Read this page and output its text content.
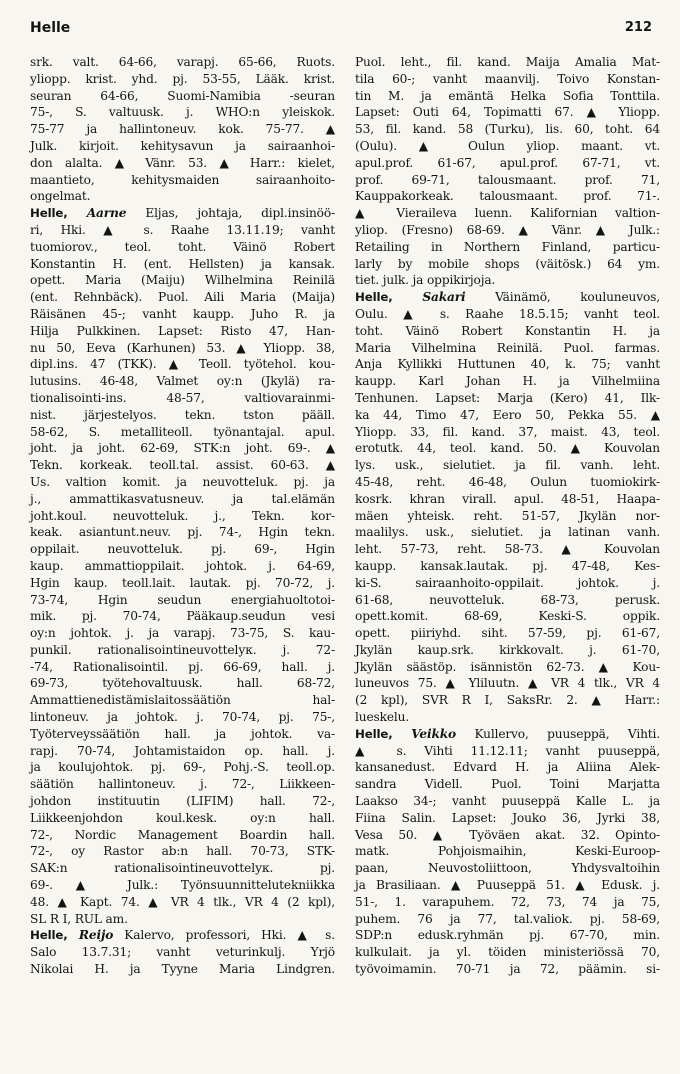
Helle	212
srk. valt. 64-66, varapj. 65-66, Ruots.
yliopp. krist. yhd. pj. 53-55, Lääk. krist.
seuran 64-66, Suomi-Namibia -seuran
75-, S. valtuusk. j. WHO:n yleiskok.
75-77 ja hallintoneuv. kok. 75-77. ▲
Julk. kirjoit. kehitysavun ja sairaanhoi-
don alalta. ▲ Vänr. 53. ▲ Harr.: kielet,
maantieto, kehitysmaiden sairaanhoito-
ongelmat.
Helle, Aarne Eljas, johtaja, dipl.insinöö-
ri, Hki. ▲ s. Raahe 13.11.19; vanht
tuomiorov., teol. toht. Väinö Robert
Konstantin H. (ent. Hellsten) ja kansak.
opett. Maria (Maiju) Wilhelmina Reinilä
(ent. Rehnbäck). Puol. Aili Maria (Maija)
Räisänen 45-; vanht kaupp. Juho R. ja
Hilja Pulkkinen. Lapset: Risto 47, Han-
nu 50, Eeva (Karhunen) 53. ▲ Yliopp. 38,
dipl.ins. 47 (TKK). ▲ Teoll. työtehol. kou-
lutusins. 46-48, Valmet oy:n (Jkylä) ra-
tionalisointi-ins. 48-57, valtiovarainmi-
nist. järjestelyos. tekn. tston pääll.
58-62, S. metalliteoll. työnantajal. apul.
joht. ja joht. 62-69, STK:n joht. 69-. ▲
Tekn. korkeak. teoll.tal. assist. 60-63. ▲
Us. valtion komit. ja neuvotteluk. pj. ja
j., ammattikasvatusneuv. ja tal.elämän
joht.koul. neuvotteluk. j., Tekn. kor-
keak. asiantunt.neuv. pj. 74-, Hgin tekn.
oppilait. neuvotteluk. pj. 69-, Hgin
kaup. ammattioppilait. johtok. j. 64-69,
Hgin kaup. teoll.lait. lautak. pj. 70-72, j.
73-74, Hgin seudun energiahuoltotoi-
mik. pj. 70-74, Pääkaup.seudun vesi
oy:n johtok. j. ja varapj. 73-75, S. kau-
punkil. rationalisointineuvottelук. j. 72-
-74, Rationalisointil. pj. 66-69, hall. j.
69-73, työtehovaltuusk. hall. 68-72,
Ammattienedistämislaitossäätiön hal-
lintoneuv. ja johtok. j. 70-74, pj. 75-,
Työterveyssäätiön hall. ja johtok. va-
rapj. 70-74, Johtamistaidon op. hall. j.
ja koulujohtok. pj. 69-, Pohj.-S. teoll.op.
säätiön hallintoneuv. j. 72-, Liikkeen-
johdon instituutin (LIFIM) hall. 72-,
Liikkeenjohdon koul.kesk. oy:n hall.
72-, Nordic Management Boardin hall.
72-, oy Rastor ab:n hall. 70-73, STK-
SAK:n rationalisointineuvottelук. pj.
69-. ▲ Julk.: Työnsuunnittelutekniikka
48. ▲ Kapt. 74. ▲ VR 4 tlk., VR 4 (2 kpl),
SL R I, RUL am.
Helle, Reijo Kalervo, professori, Hki. ▲ s.
Salo 13.7.31; vanht veturinkulj. Yrjö
Nikolai H. ja Tyyne Maria Lindgren.
Puol. leht., fil. kand. Maija Amalia Mat-
tila 60-; vanht maanvilj. Toivo Konstan-
tin M. ja emäntä Helka Sofia Tonttila.
Lapset: Outi 64, Topimatti 67. ▲ Yliopp.
53, fil. kand. 58 (Turku), lis. 60, toht. 64
(Oulu). ▲ Oulun yliop. maant. vt.
apul.prof. 61-67, apul.prof. 67-71, vt.
prof. 69-71, talousmaant. prof. 71,
Kauppakorkeak. talousmaant. prof. 71-.
▲ Vieraileva luenn. Kalifornian valtion-
yliop. (Fresno) 68-69. ▲ Vänr. ▲ Julk.:
Retailing in Northern Finland, particu-
larly by mobile shops (väitösk.) 64 ym.
tiet. julk. ja oppikirjoja.
Helle, Sakari Väinämö, kouluneuvos,
Oulu. ▲ s. Raahe 18.5.15; vanht teol.
toht. Väinö Robert Konstantin H. ja
Maria Vilhelmina Reinilä. Puol. farmas.
Anja Kyllikki Huttunen 40, k. 75; vanht
kaupp. Karl Johan H. ja Vilhelmiina
Tenhunen. Lapset: Marja (Kero) 41, Ilk-
ka 44, Timo 47, Eero 50, Pekka 55. ▲
Yliopp. 33, fil. kand. 37, maist. 43, teol.
erotutk. 44, teol. kand. 50. ▲ Kouvolan
lys. usk., sielutiet. ja fil. vanh. leht.
45-48, reht. 46-48, Oulun tuomiokirk-
kosrk. khran virall. apul. 48-51, Haapa-
mäen yhteisk. reht. 51-57, Jkylän nor-
maalilys. usk., sielutiet. ja latinan vanh.
leht. 57-73, reht. 58-73. ▲ Kouvolan
kaupp. kansak.lautak. pj. 47-48, Kes-
ki-S. sairaanhoito-oppilait. johtok. j.
61-68, neuvotteluk. 68-73, perusk.
opett.komit. 68-69, Keski-S. oppik.
opett. piiriyhd. siht. 57-59, pj. 61-67,
Jkylän kaup.srk. kirkkovalt. j. 61-70,
Jkylän säästöp. isännistön 62-73. ▲ Kou-
luneuvos 75. ▲ Yliluutn. ▲ VR 4 tlk., VR 4
(2 kpl), SVR R I, SaksRr. 2. ▲ Harr.:
lueskelu.
Helle, Veikko Kullervo, puuseppä, Vihti.
▲ s. Vihti 11.12.11; vanht puuseppä,
kansanedust. Edvard H. ja Aliina Alek-
sandra Videll. Puol. Toini Marjatta
Laakso 34-; vanht puuseppä Kalle L. ja
Fiina Salin. Lapset: Jouko 36, Jyrki 38,
Vesa 50. ▲ Työväen akat. 32. Opinto-
matk. Pohjoismaihin, Keski-Euroop-
paan, Neuvostoliittoon, Yhdysvaltoihin
ja Brasiliaan. ▲ Puuseppä 51. ▲ Edusk. j.
51-, 1. varapuhem. 72, 73, 74 ja 75,
puhem. 76 ja 77, tal.valiok. pj. 58-69,
SDP:n edusk.ryhmän pj. 67-70, min.
kulkulait. ja yl. töiden ministeriössä 70,
työvoimamin. 70-71 ja 72, päämin. si-
